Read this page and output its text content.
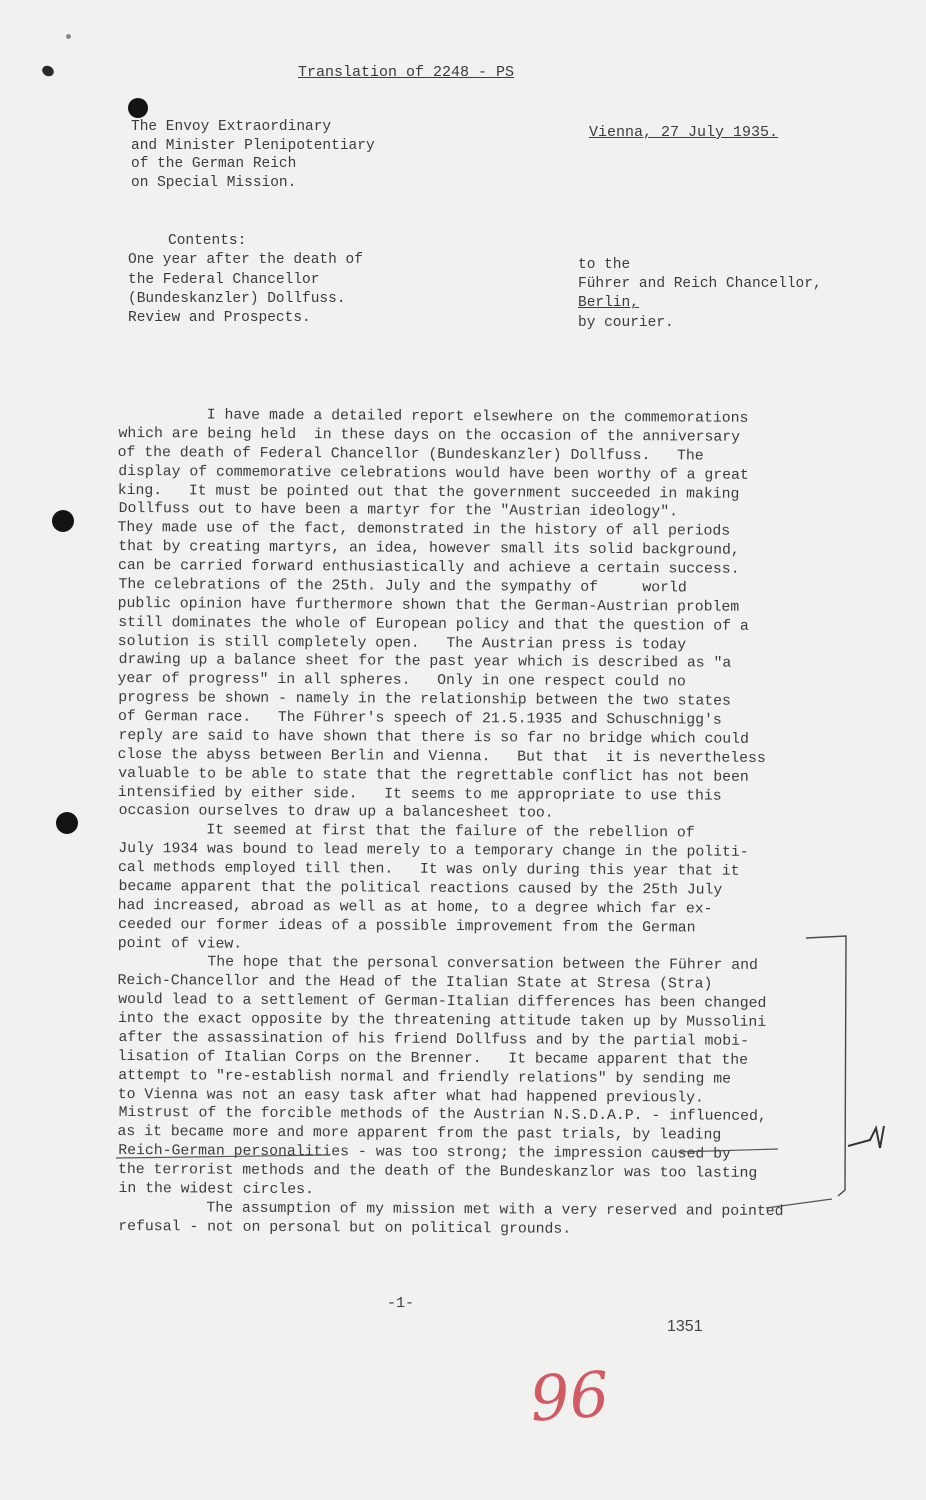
Translation of 2248 - PS
The Envoy Extraordinary
and Minister Plenipotentiary
of the German Reich
on Special Mission.
Vienna, 27 July 1935.
Contents:
One year after the death of
the Federal Chancellor
(Bundeskanzler) Dollfuss.
Review and Prospects.
to the
Führer and Reich Chancellor,
Berlin,
by courier.
I have made a detailed report elsewhere on the commemorations
which are being held  in these days on the occasion of the anniversary
of the death of Federal Chancellor (Bundeskanzler) Dollfuss.   The
display of commemorative celebrations would have been worthy of a great
king.   It must be pointed out that the government succeeded in making
Dollfuss out to have been a martyr for the "Austrian ideology".
They made use of the fact, demonstrated in the history of all periods
that by creating martyrs, an idea, however small its solid background,
can be carried forward enthusiastically and achieve a certain success.
The celebrations of the 25th. July and the sympathy of     world
public opinion have furthermore shown that the German-Austrian problem
still dominates the whole of European policy and that the question of a
solution is still completely open.   The Austrian press is today
drawing up a balance sheet for the past year which is described as "a
year of progress" in all spheres.   Only in one respect could no
progress be shown - namely in the relationship between the two states
of German race.   The Führer's speech of 21.5.1935 and Schuschnigg's
reply are said to have shown that there is so far no bridge which could
close the abyss between Berlin and Vienna.   But that  it is nevertheless
valuable to be able to state that the regrettable conflict has not been
intensified by either side.   It seems to me appropriate to use this
occasion ourselves to draw up a balancesheet too.
It seemed at first that the failure of the rebellion of
July 1934 was bound to lead merely to a temporary change in the politi-
cal methods employed till then.   It was only during this year that it
became apparent that the political reactions caused by the 25th July
had increased, abroad as well as at home, to a degree which far ex-
ceeded our former ideas of a possible improvement from the German
point of view.
The hope that the personal conversation between the Führer and
Reich-Chancellor and the Head of the Italian State at Stresa (Stra)
would lead to a settlement of German-Italian differences has been changed
into the exact opposite by the threatening attitude taken up by Mussolini
after the assassination of his friend Dollfuss and by the partial mobi-
lisation of Italian Corps on the Brenner.   It became apparent that the
attempt to "re-establish normal and friendly relations" by sending me
to Vienna was not an easy task after what had happened previously.
Mistrust of the forcible methods of the Austrian N.S.D.A.P. - influenced,
as it became more and more apparent from the past trials, by leading
Reich-German personalities - was too strong; the impression caused by
the terrorist methods and the death of the Bundeskanzlor was too lasting
in the widest circles.
The assumption of my mission met with a very reserved and pointed
refusal - not on personal but on political grounds.
-1-
1351
96
